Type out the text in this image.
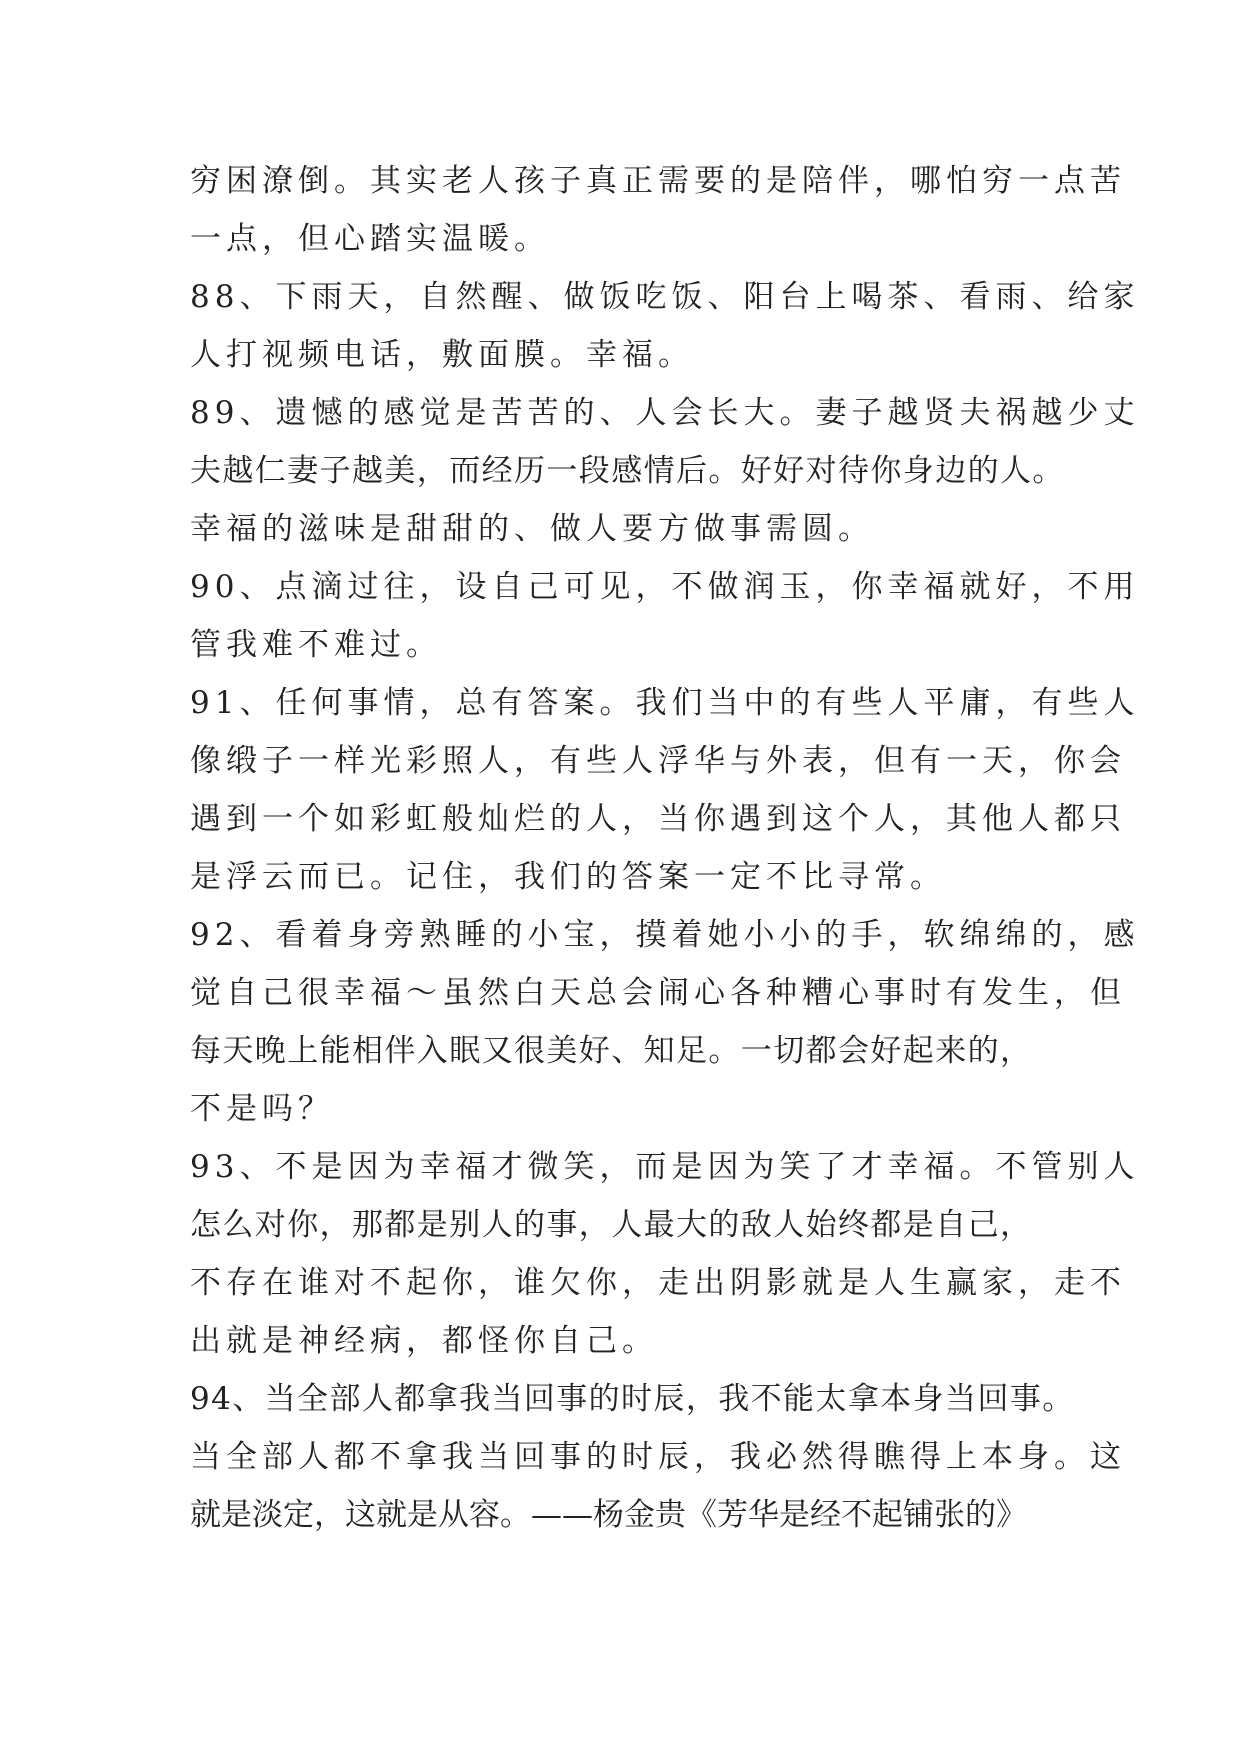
穷困潦倒。其实老人孩子真正需要的是陪伴，哪怕穷一点苦
一点，但心踏实温暖。
88、下雨天，自然醒、做饭吃饭、阳台上喝茶、看雨、给家
人打视频电话，敷面膜。幸福。
89、遗憾的感觉是苦苦的、人会长大。妻子越贤夫祸越少丈
夫越仁妻子越美，而经历一段感情后。好好对待你身边的人。
幸福的滋味是甜甜的、做人要方做事需圆。
90、点滴过往，设自己可见，不做润玉，你幸福就好，不用
管我难不难过。
91、任何事情，总有答案。我们当中的有些人平庸，有些人
像缎子一样光彩照人，有些人浮华与外表，但有一天，你会
遇到一个如彩虹般灿烂的人，当你遇到这个人，其他人都只
是浮云而已。记住，我们的答案一定不比寻常。
92、看着身旁熟睡的小宝，摸着她小小的手，软绵绵的，感
觉自己很幸福～虽然白天总会闹心各种糟心事时有发生，但
每天晚上能相伴入眠又很美好、知足。一切都会好起来的，
不是吗？
93、不是因为幸福才微笑，而是因为笑了才幸福。不管别人
怎么对你，那都是别人的事，人最大的敌人始终都是自己，
不存在谁对不起你，谁欠你，走出阴影就是人生赢家，走不
出就是神经病，都怪你自己。
94、当全部人都拿我当回事的时辰，我不能太拿本身当回事。
当全部人都不拿我当回事的时辰，我必然得瞧得上本身。这
就是淡定，这就是从容。——杨金贵《芳华是经不起铺张的》
